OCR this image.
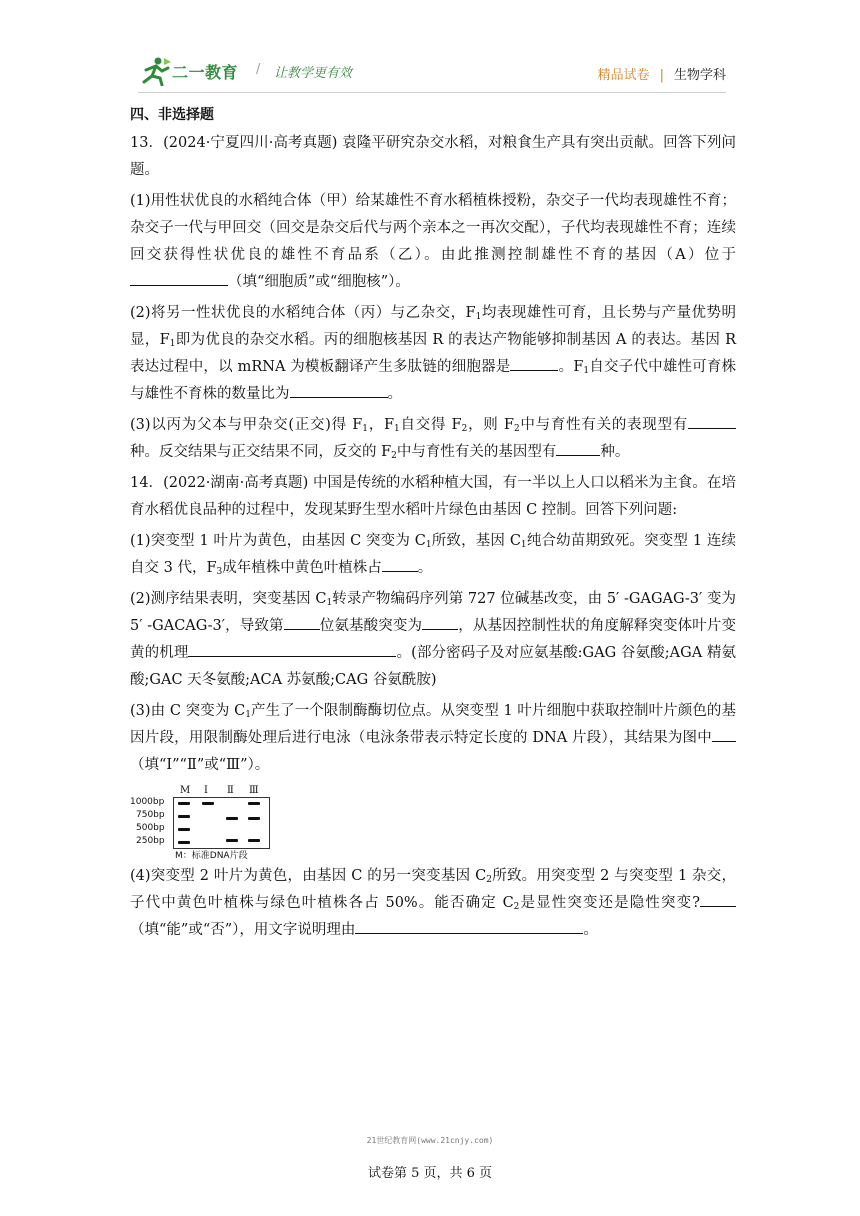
二一教育 / 让教学更有效	精品试卷 | 生物学科
四、非选择题

13．(2024·宁夏四川·高考真题) 袁隆平研究杂交水稻，对粮食生产具有突出贡献。回答下列问题。

(1)用性状优良的水稻纯合体（甲）给某雄性不育水稻植株授粉，杂交子一代均表现雄性不育；杂交子一代与甲回交（回交是杂交后代与两个亲本之一再次交配），子代均表现雄性不育；连续回交获得性状优良的雄性不育品系（乙）。由此推测控制雄性不育的基因（A）位于（填“细胞质”或“细胞核”）。

(2)将另一性状优良的水稻纯合体（丙）与乙杂交，$F_1$均表现雄性可育，且长势与产量优势明显，$F_1$即为优良的杂交水稻。丙的细胞核基因 R 的表达产物能够抑制基因 A 的表达。基因 R 表达过程中，以 mRNA 为模板翻译产生多肽链的细胞器是	。$F_1$自交子代中雄性可育株与雄性不育株的数量比为	。

(3)以丙为父本与甲杂交(正交)得 $F_1$，$F_1$自交得 $F_2$，则 $F_2$中与育性有关的表现型有种。反交结果与正交结果不同，反交的 $F_2$中与育性有关的基因型有	种。

14．(2022·湖南·高考真题) 中国是传统的水稻种植大国，有一半以上人口以稻米为主食。在培育水稻优良品种的过程中，发现某野生型水稻叶片绿色由基因 C 控制。回答下列问题:

(1)突变型 1 叶片为黄色，由基因 C 突变为 $C_1$所致，基因 $C_1$纯合幼苗期致死。突变型 1 连续自交 3 代，$F_3$成年植株中黄色叶植株占 。

(2)测序结果表明，突变基因 $C_1$转录产物编码序列第 727 位碱基改变，由 5′ -GAGAG-3′ 变为 5′ -GACAG-3′，导致第 位氨基酸突变为 ，从基因控制性状的角度解释突变体叶片变黄的机理	。(部分密码子及对应氨基酸:GAG 谷氨酸;AGA 精氨酸;GAC 天冬氨酸;ACA 苏氨酸;CAG 谷氨酰胺)

(3)由 C 突变为 $C_1$产生了一个限制酶酶切位点。从突变型 1 叶片细胞中获取控制叶片颜色的基因片段，用限制酶处理后进行电泳（电泳条带表示特定长度的 DNA 片段），其结果为图中（填“I”“Ⅱ”或“Ⅲ”）。

M I Ⅱ Ⅲ
1000bp
750bp
500bp
250bp
M：标准DNA片段

(4)突变型 2 叶片为黄色，由基因 C 的另一突变基因 $C_2$所致。用突变型 2 与突变型 1 杂交，子代中黄色叶植株与绿色叶植株各占 50%。能否确定 $C_2$是显性突变还是隐性突变?（填“能”或“否”），用文字说明理由	。

21世纪教育网(www.21cnjy.com)
试卷第 5 页，共 6 页
